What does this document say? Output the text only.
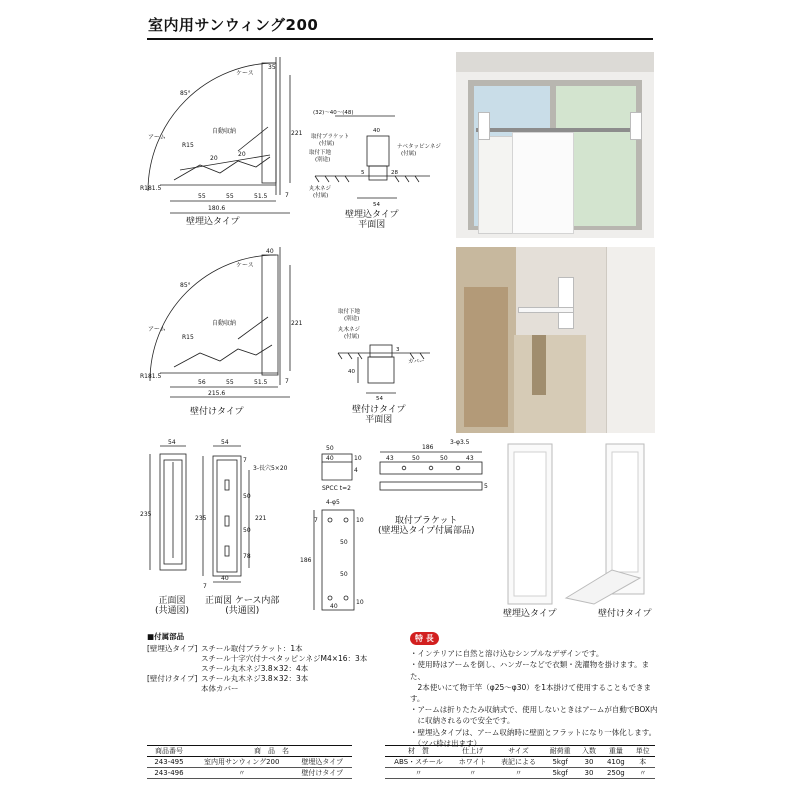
室内用サンウィング200
85°
ケース
自動収納
アーム
R15
35
20
20
221
55	55	51.5
180.6
R181.5
7
壁埋込タイプ
(32)〜40〜(48)
取付ブラケット
(付属)
取付下地
(別途)
ナベタッピンネジ
(付属)
丸木ネジ
(付属)
40
28
54
5
壁埋込タイプ
平面図
85°
ケース
自動収納
アーム
R15
40
221
56	55	51.5
215.6
R181.5
7
壁付けタイプ
取付下地
(別途)
丸木ネジ
(付属)
カバー
40
54
3
壁付けタイプ
平面図
54
235
正面図
(共通図)
54
235
3-長穴5×20
221
50
50
78
7
40
7
正面図 ケース内部
(共通図)
50
40	10
4
SPCC t=2
4-φ5
186
50
50
10
40
7
10
186
3-φ3.5
43	50	50	43
5
取付ブラケット
(壁埋込タイプ付属部品)
壁埋込タイプ	壁付けタイプ
■付属部品
[壁埋込タイプ] スチール取付ブラケット：1本
スチール十字穴付ナベタッピンネジM4×16：3本
スチール丸木ネジ3.8×32：4本
[壁付けタイプ] スチール丸木ネジ3.8×32：3本
本体カバー
特 長

・インテリアに自然と溶け込むシンプルなデザインです。

・使用時はアームを倒し、ハンガーなどで衣類・洗濯物を掛けます。また、

　2本使いにて物干竿（φ25〜φ30）を1本掛けて使用することもできます。

・アームは折りたたみ収納式で、使用しないときはアームが自動でBOX内

　に収納されるので安全です。

・壁埋込タイプは、アーム収納時に壁面とフラットになり一体化します。

　（ツバ枠は出ます）

商品番号	商　品　名	
243-495	室内用サンウィング200	壁埋込タイプ
243-496	〃	壁付けタイプ
材　質	仕上げ	サイズ	耐荷重	入数	重量	単位
ABS・スチール	ホワイト	表記による	5kgf	30	410g	本
〃	〃	〃	5kgf	30	250g	〃
